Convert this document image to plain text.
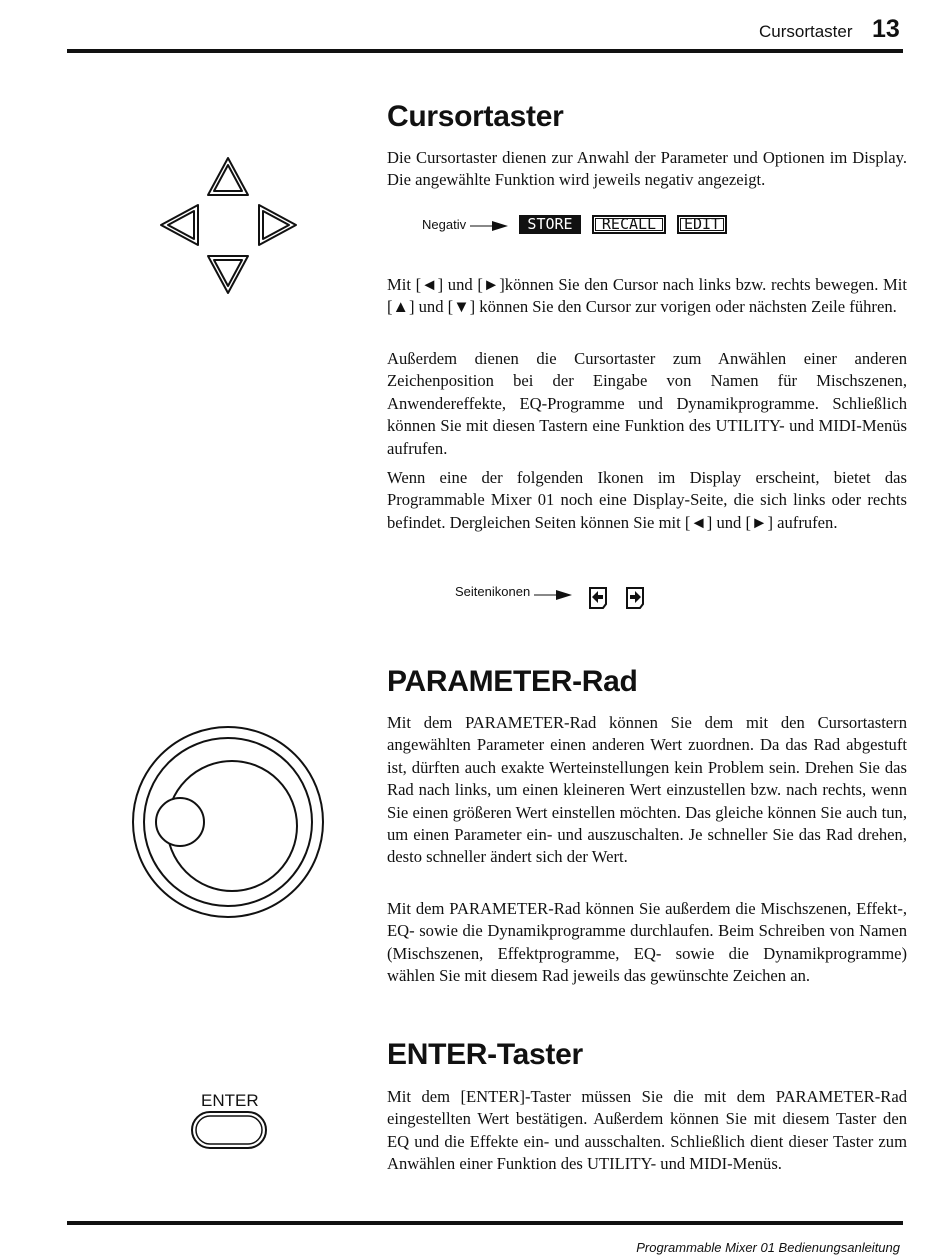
Cursortaster 13
Cursortaster

Die Cursortaster dienen zur Anwahl der Parameter und Optionen im Display. Die angewählte Funktion wird jeweils negativ angezeigt.

Negativ	STORE	RECALL	EDIT

Mit [◄] und [►]können Sie den Cursor nach links bzw. rechts bewegen. Mit [▲] und [▼] können Sie den Cursor zur vorigen oder nächsten Zeile führen.

Außerdem dienen die Cursortaster zum Anwählen einer anderen Zeichenposition bei der Eingabe von Namen für Mischszenen, Anwendereffekte, EQ-Programme und Dynamikprogramme. Schließlich können Sie mit diesen Tastern eine Funktion des UTILITY- und MIDI-Menüs aufrufen.

Wenn eine der folgenden Ikonen im Display erscheint, bietet das Programmable Mixer 01 noch eine Display-Seite, die sich links oder rechts befindet. Dergleichen Seiten können Sie mit [◄] und [►] aufrufen.

Seitenikonen
PARAMETER-Rad

Mit dem PARAMETER-Rad können Sie dem mit den Cursortastern angewählten Parameter einen anderen Wert zuordnen. Da das Rad abgestuft ist, dürften auch exakte Werteinstellungen kein Problem sein. Drehen Sie das Rad nach links, um einen kleineren Wert einzustellen bzw. nach rechts, wenn Sie einen größeren Wert einstellen möchten. Das gleiche können Sie auch tun, um einen Parameter ein- und auszuschalten. Je schneller Sie das Rad drehen, desto schneller ändert sich der Wert.

Mit dem PARAMETER-Rad können Sie außerdem die Mischszenen, Effekt-, EQ- sowie die Dynamikprogramme durchlaufen. Beim Schreiben von Namen (Mischszenen, Effektprogramme, EQ- sowie die Dynamikprogramme) wählen Sie mit diesem Rad jeweils das gewünschte Zeichen an.

ENTER-Taster
ENTER	Mit dem [ENTER]-Taster müssen Sie die mit dem PARAMETER-Rad eingestellten Wert bestätigen. Außerdem können Sie mit diesem Taster den EQ und die Effekte ein- und ausschalten. Schließlich dient dieser Taster zum Anwählen einer Funktion des UTILITY- und MIDI-Menüs.

Programmable Mixer 01 Bedienungsanleitung
